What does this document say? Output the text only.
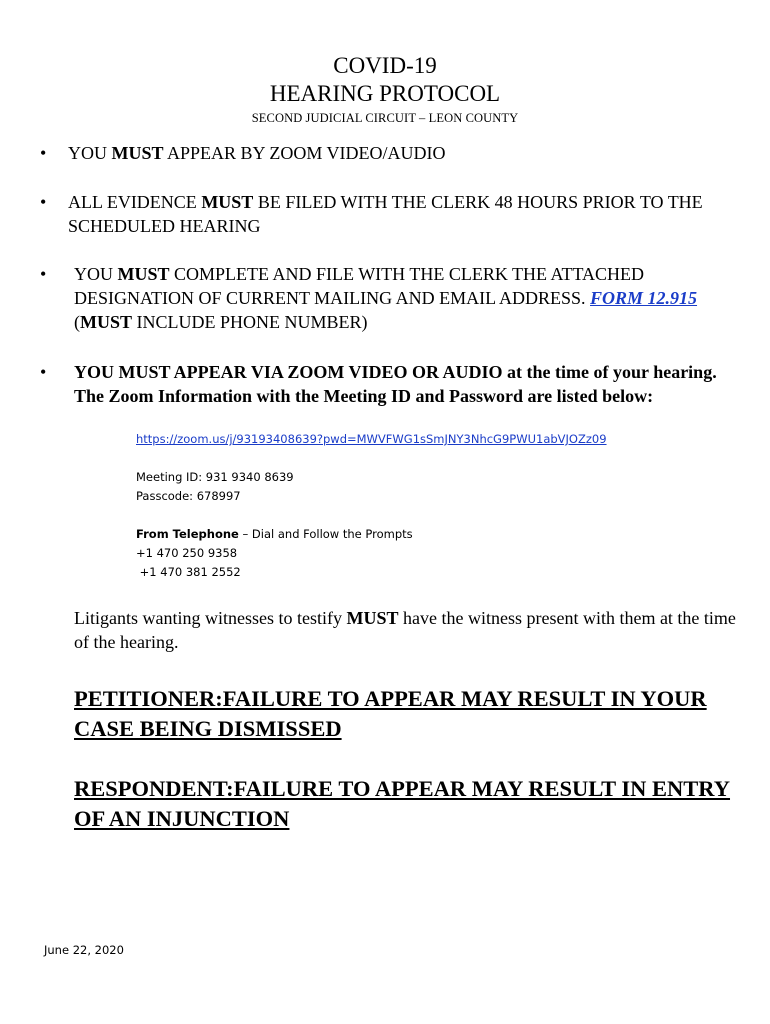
COVID-19
HEARING PROTOCOL
SECOND JUDICIAL CIRCUIT – LEON COUNTY
•	YOU MUST APPEAR BY ZOOM VIDEO/AUDIO
•	ALL EVIDENCE MUST BE FILED WITH THE CLERK 48 HOURS PRIOR TO THE SCHEDULED HEARING
•	YOU MUST COMPLETE AND FILE WITH THE CLERK THE ATTACHED DESIGNATION OF CURRENT MAILING AND EMAIL ADDRESS. FORM 12.915 (MUST INCLUDE PHONE NUMBER)
•	YOU MUST APPEAR VIA ZOOM VIDEO OR AUDIO at the time of your hearing. The Zoom Information with the Meeting ID and Password are listed below:
https://zoom.us/j/93193408639?pwd=MWVFWG1sSmJNY3NhcG9PWU1abVJOZz09
Meeting ID: 931 9340 8639
Passcode: 678997
From Telephone – Dial and Follow the Prompts
+1 470 250 9358
+1 470 381 2552
Litigants wanting witnesses to testify MUST have the witness present with them at the time of the hearing.
PETITIONER:FAILURE TO APPEAR MAY RESULT IN YOUR CASE BEING DISMISSED
RESPONDENT:FAILURE TO APPEAR MAY RESULT IN ENTRY OF AN INJUNCTION
June 22, 2020
